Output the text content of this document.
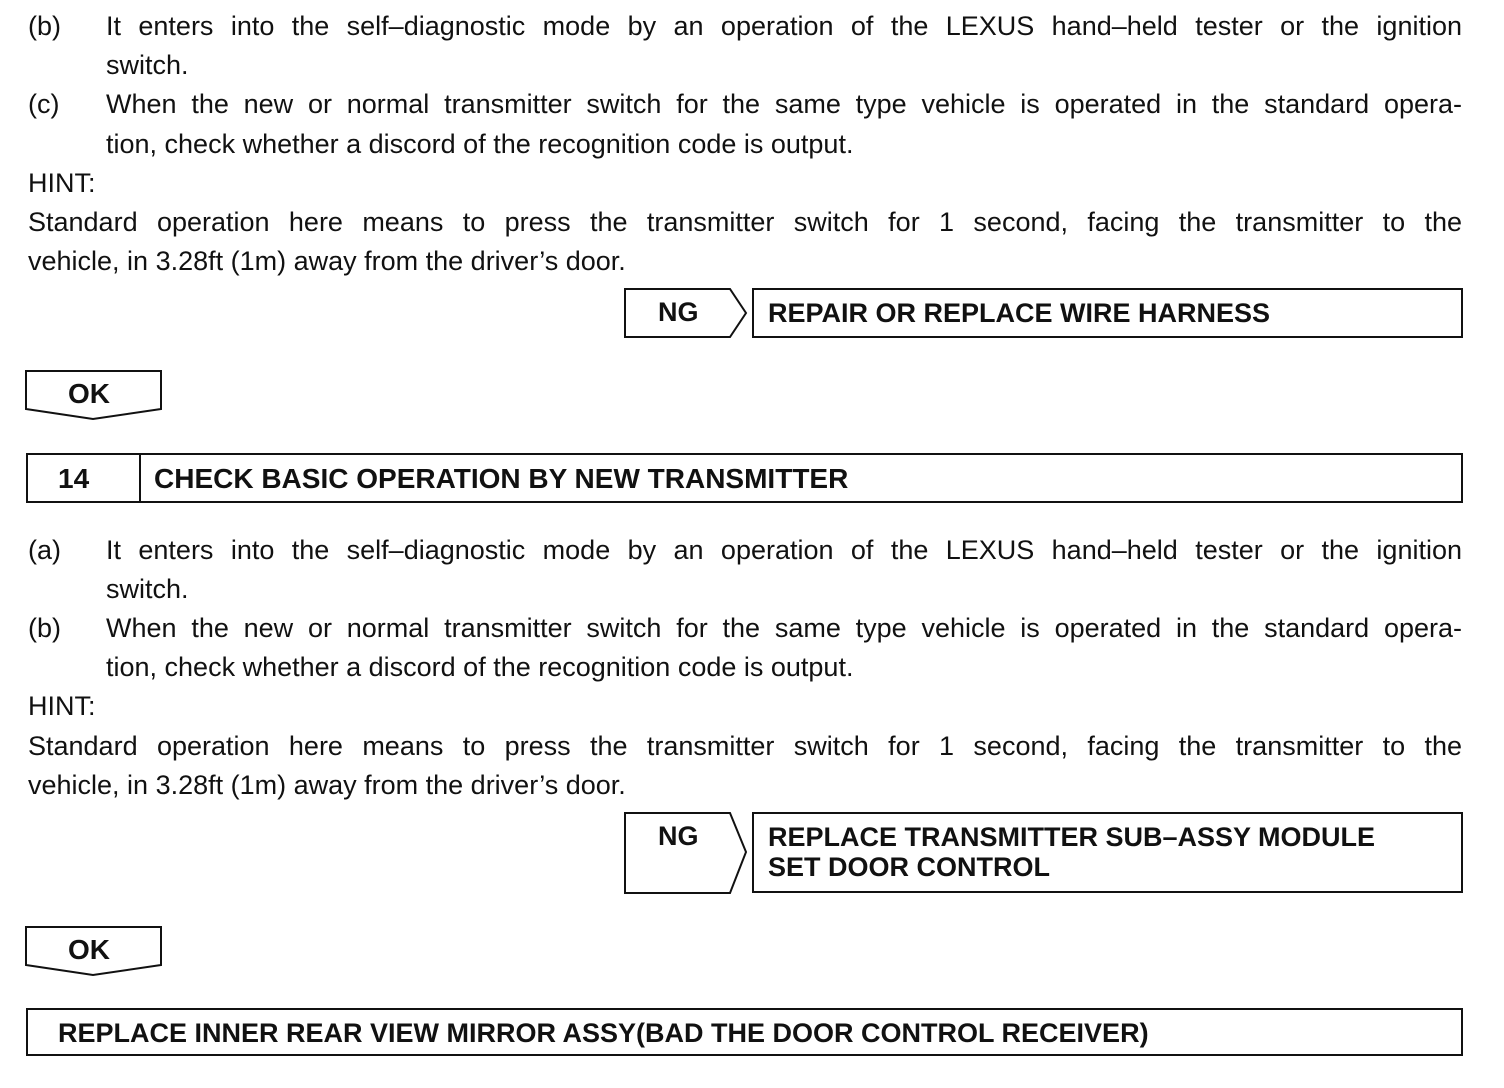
(b) It enters into the self–diagnostic mode by an operation of the LEXUS hand–held tester or the ignition
switch.
(c) When the new or normal transmitter switch for the same type vehicle is operated in the standard opera-
tion, check whether a discord of the recognition code is output.
HINT:
Standard operation here means to press the transmitter switch for 1 second, facing the transmitter to the
vehicle, in 3.28ft (1m) away from the driver’s door.
NG	REPAIR OR REPLACE WIRE HARNESS
OK
14 CHECK BASIC OPERATION BY NEW TRANSMITTER
(a) It enters into the self–diagnostic mode by an operation of the LEXUS hand–held tester or the ignition
switch.
(b) When the new or normal transmitter switch for the same type vehicle is operated in the standard opera-
tion, check whether a discord of the recognition code is output.
HINT:
Standard operation here means to press the transmitter switch for 1 second, facing the transmitter to the
vehicle, in 3.28ft (1m) away from the driver’s door.
NG	REPLACE TRANSMITTER SUB–ASSY MODULE
SET DOOR CONTROL
OK
REPLACE INNER REAR VIEW MIRROR ASSY(BAD THE DOOR CONTROL RECEIVER)
